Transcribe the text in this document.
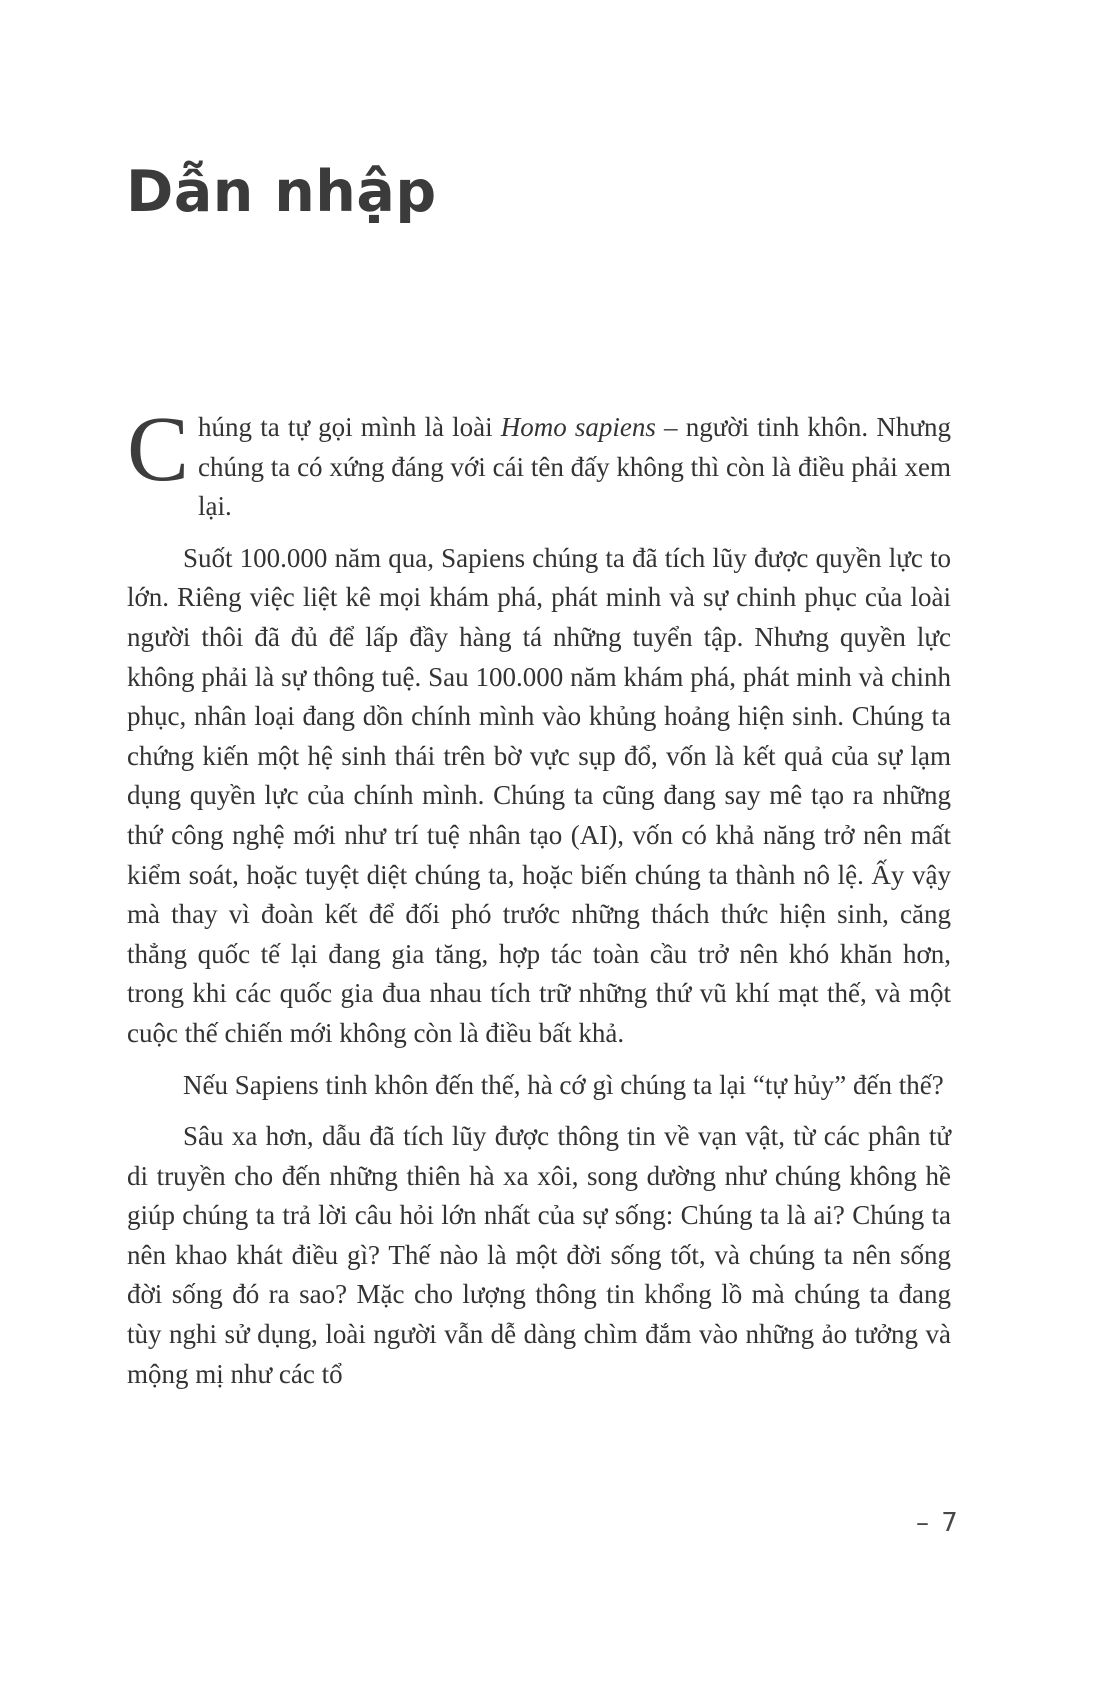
Dẫn nhập

Chúng ta tự gọi mình là loài Homo sapiens – người tinh khôn. Nhưng chúng ta có xứng đáng với cái tên đấy không thì còn là điều phải xem lại.

Suốt 100.000 năm qua, Sapiens chúng ta đã tích lũy được quyền lực to lớn. Riêng việc liệt kê mọi khám phá, phát minh và sự chinh phục của loài người thôi đã đủ để lấp đầy hàng tá những tuyển tập. Nhưng quyền lực không phải là sự thông tuệ. Sau 100.000 năm khám phá, phát minh và chinh phục, nhân loại đang dồn chính mình vào khủng hoảng hiện sinh. Chúng ta chứng kiến một hệ sinh thái trên bờ vực sụp đổ, vốn là kết quả của sự lạm dụng quyền lực của chính mình. Chúng ta cũng đang say mê tạo ra những thứ công nghệ mới như trí tuệ nhân tạo (AI), vốn có khả năng trở nên mất kiểm soát, hoặc tuyệt diệt chúng ta, hoặc biến chúng ta thành nô lệ. Ấy vậy mà thay vì đoàn kết để đối phó trước những thách thức hiện sinh, căng thẳng quốc tế lại đang gia tăng, hợp tác toàn cầu trở nên khó khăn hơn, trong khi các quốc gia đua nhau tích trữ những thứ vũ khí mạt thế, và một cuộc thế chiến mới không còn là điều bất khả.

Nếu Sapiens tinh khôn đến thế, hà cớ gì chúng ta lại “tự hủy” đến thế?

Sâu xa hơn, dẫu đã tích lũy được thông tin về vạn vật, từ các phân tử di truyền cho đến những thiên hà xa xôi, song dường như chúng không hề giúp chúng ta trả lời câu hỏi lớn nhất của sự sống: Chúng ta là ai? Chúng ta nên khao khát điều gì? Thế nào là một đời sống tốt, và chúng ta nên sống đời sống đó ra sao? Mặc cho lượng thông tin khổng lồ mà chúng ta đang tùy nghi sử dụng, loài người vẫn dễ dàng chìm đắm vào những ảo tưởng và mộng mị như các tổ

– 7
